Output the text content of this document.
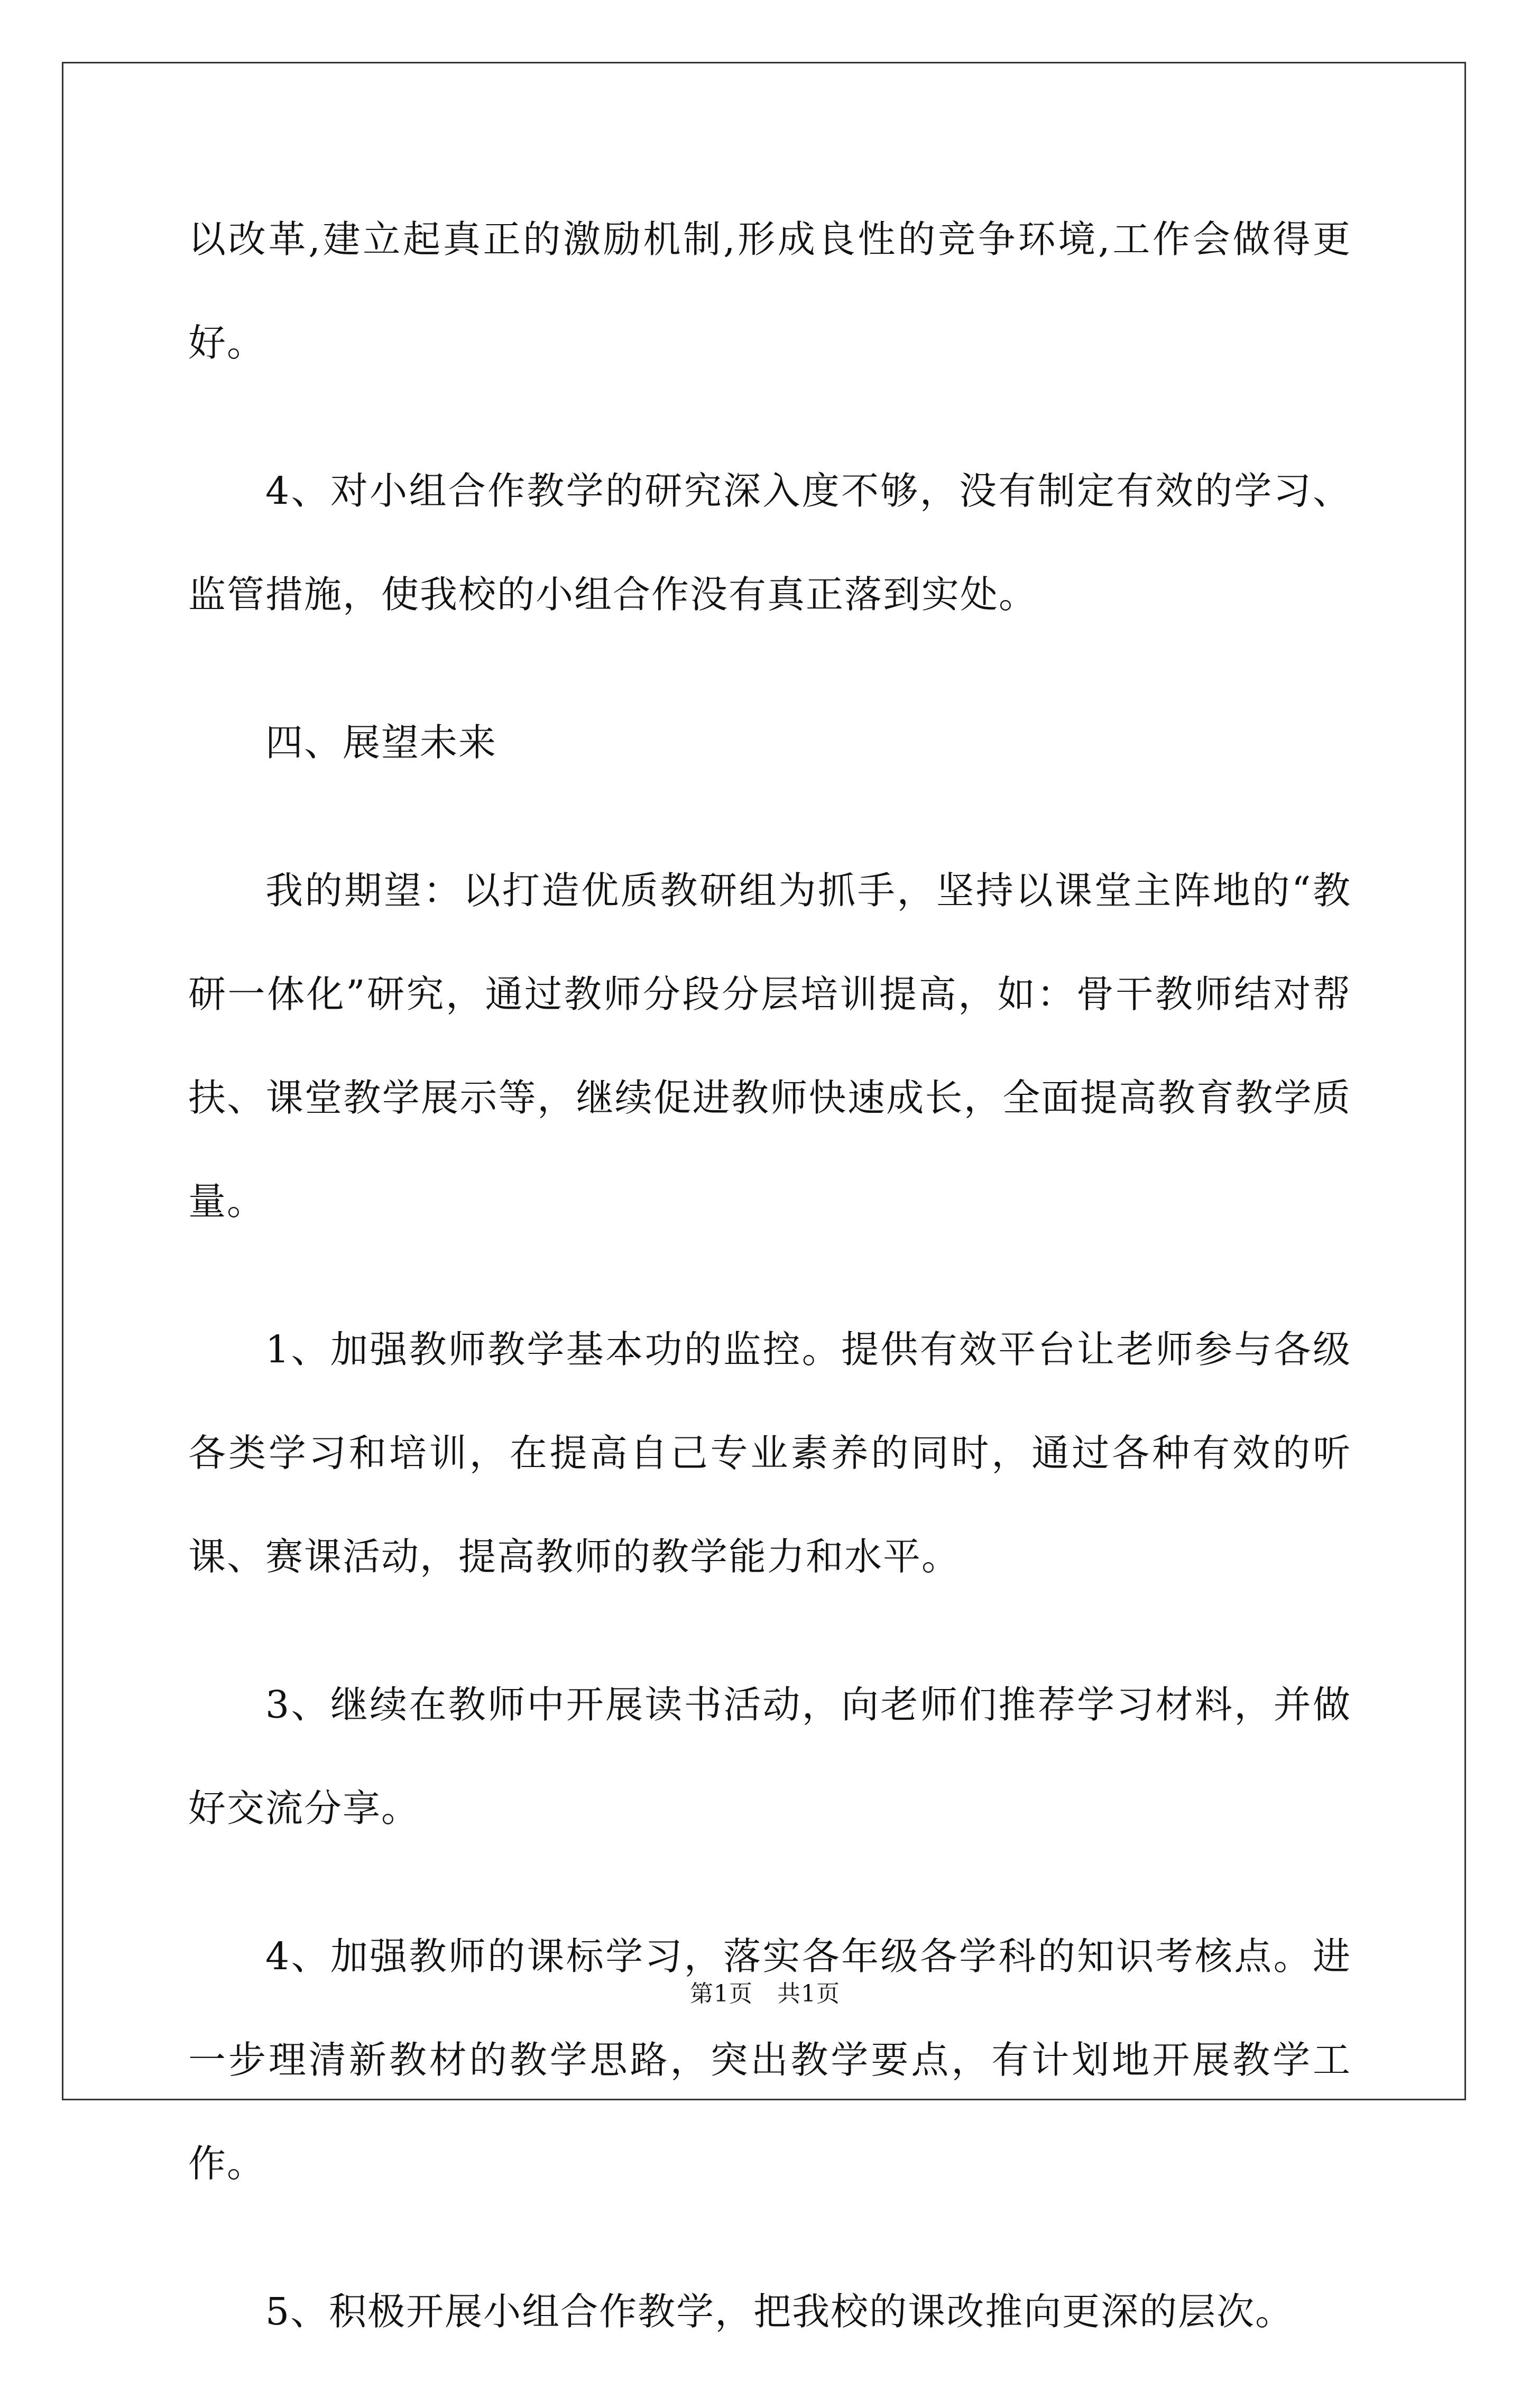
以改革,建立起真正的激励机制,形成良性的竞争环境,工作会做得更好。

4、对小组合作教学的研究深入度不够，没有制定有效的学习、监管措施，使我校的小组合作没有真正落到实处。

四、展望未来

我的期望：以打造优质教研组为抓手，坚持以课堂主阵地的“教研一体化”研究，通过教师分段分层培训提高，如：骨干教师结对帮扶、课堂教学展示等，继续促进教师快速成长，全面提高教育教学质量。

1、加强教师教学基本功的监控。提供有效平台让老师参与各级各类学习和培训，在提高自己专业素养的同时，通过各种有效的听课、赛课活动，提高教师的教学能力和水平。

3、继续在教师中开展读书活动，向老师们推荐学习材料，并做好交流分享。

4、加强教师的课标学习，落实各年级各学科的知识考核点。进一步理清新教材的教学思路，突出教学要点，有计划地开展教学工作。

5、积极开展小组合作教学，把我校的课改推向更深的层次。

第1页 共1页
